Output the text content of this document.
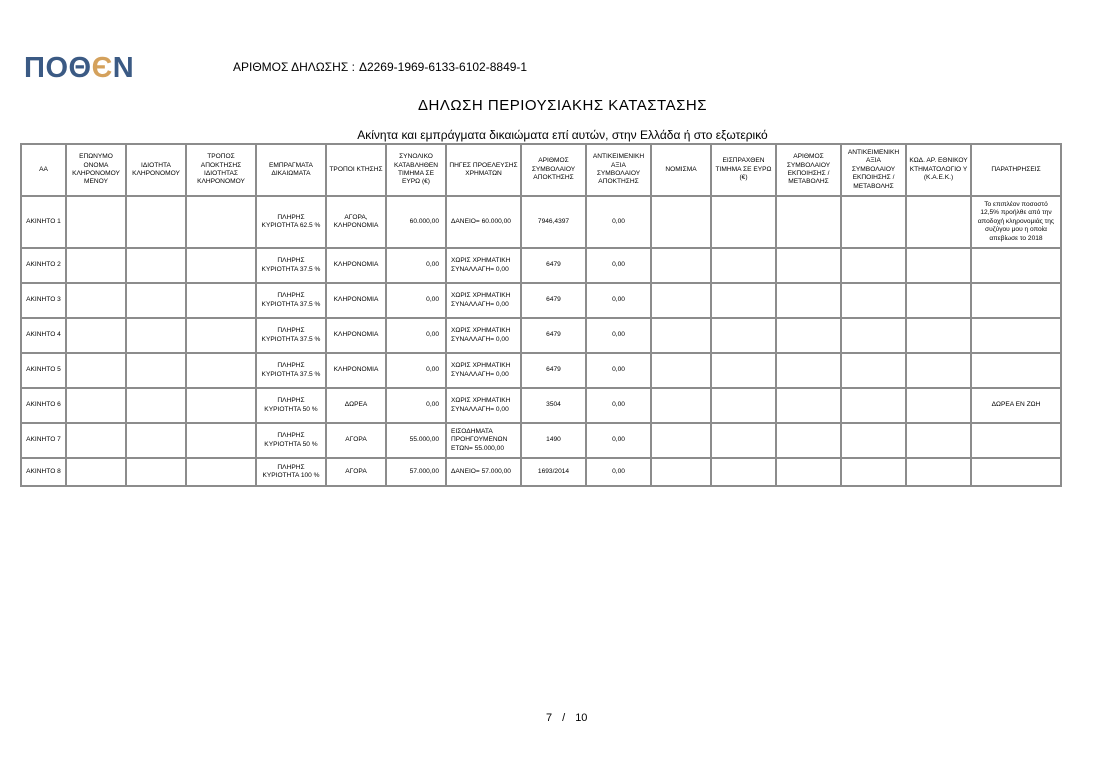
ΠΟΘЄΝ	ΑΡΙΘΜΟΣ ΔΗΛΩΣΗΣ : Δ2269-1969-6133-6102-8849-1
ΔΗΛΩΣΗ ΠΕΡΙΟΥΣΙΑΚΗΣ ΚΑΤΑΣΤΑΣΗΣ
Ακίνητα και εμπράγματα δικαιώματα επί αυτών, στην Ελλάδα ή στο εξωτερικό
ΑΑ	ΕΠΩΝΥΜΟ ΟΝΟΜΑ ΚΛΗΡΟΝΟΜΟΥ ΜΕΝΟΥ	ΙΔΙΟΤΗΤΑ ΚΛΗΡΟΝΟΜΟΥ	ΤΡΟΠΟΣ ΑΠΟΚΤΗΣΗΣ ΙΔΙΟΤΗΤΑΣ ΚΛΗΡΟΝΟΜΟΥ	ΕΜΠΡΑΓΜΑΤΑ ΔΙΚΑΙΩΜΑΤΑ	ΤΡΟΠΟΙ ΚΤΗΣΗΣ	ΣΥΝΟΛΙΚΟ ΚΑΤΑΒΛΗΘΕΝ ΤΙΜΗΜΑ ΣΕ ΕΥΡΩ (€)	ΠΗΓΕΣ ΠΡΟΕΛΕΥΣΗΣ ΧΡΗΜΑΤΩΝ	ΑΡΙΘΜΟΣ ΣΥΜΒΟΛΑΙΟΥ ΑΠΟΚΤΗΣΗΣ	ΑΝΤΙΚΕΙΜΕΝΙΚΗ ΑΞΙΑ ΣΥΜΒΟΛΑΙΟΥ ΑΠΟΚΤΗΣΗΣ	ΝΟΜΙΣΜΑ	ΕΙΣΠΡΑΧΘΕΝ ΤΙΜΗΜΑ ΣΕ ΕΥΡΩ (€)	ΑΡΙΘΜΟΣ ΣΥΜΒΟΛΑΙΟΥ ΕΚΠΟΙΗΣΗΣ /ΜΕΤΑΒΟΛΗΣ	ΑΝΤΙΚΕΙΜΕΝΙΚΗ ΑΞΙΑ ΣΥΜΒΟΛΑΙΟΥ ΕΚΠΟΙΗΣΗΣ / ΜΕΤΑΒΟΛΗΣ	ΚΩΔ. ΑΡ. ΕΘΝΙΚΟΥ ΚΤΗΜΑΤΟΛΟΓΙΟ Υ (Κ.Α.Ε.Κ.)	ΠΑΡΑΤΗΡΗΣΕΙΣ
ΑΚΙΝΗΤΟ 1				ΠΛΗΡΗΣ ΚΥΡΙΟΤΗΤΑ 62.5 %	ΑΓΟΡΑ, ΚΛΗΡΟΝΟΜΙΑ	60.000,00	ΔΑΝΕΙΟ= 60.000,00	7946,4397	0,00						Το επιπλέον ποσοστό 12,5% προήλθε από την αποδοχή κληρονομιάς της συζύγου μου η οποία απεβίωσε το 2018
ΑΚΙΝΗΤΟ 2				ΠΛΗΡΗΣ ΚΥΡΙΟΤΗΤΑ 37.5 %	ΚΛΗΡΟΝΟΜΙΑ	0,00	ΧΩΡΙΣ ΧΡΗΜΑΤΙΚΗ ΣΥΝΑΛΛΑΓΗ= 0,00	6479	0,00						
ΑΚΙΝΗΤΟ 3				ΠΛΗΡΗΣ ΚΥΡΙΟΤΗΤΑ 37.5 %	ΚΛΗΡΟΝΟΜΙΑ	0,00	ΧΩΡΙΣ ΧΡΗΜΑΤΙΚΗ ΣΥΝΑΛΛΑΓΗ= 0,00	6479	0,00						
ΑΚΙΝΗΤΟ 4				ΠΛΗΡΗΣ ΚΥΡΙΟΤΗΤΑ 37.5 %	ΚΛΗΡΟΝΟΜΙΑ	0,00	ΧΩΡΙΣ ΧΡΗΜΑΤΙΚΗ ΣΥΝΑΛΛΑΓΗ= 0,00	6479	0,00						
ΑΚΙΝΗΤΟ 5				ΠΛΗΡΗΣ ΚΥΡΙΟΤΗΤΑ 37.5 %	ΚΛΗΡΟΝΟΜΙΑ	0,00	ΧΩΡΙΣ ΧΡΗΜΑΤΙΚΗ ΣΥΝΑΛΛΑΓΗ= 0,00	6479	0,00						
ΑΚΙΝΗΤΟ 6				ΠΛΗΡΗΣ ΚΥΡΙΟΤΗΤΑ 50 %	ΔΩΡΕΑ	0,00	ΧΩΡΙΣ ΧΡΗΜΑΤΙΚΗ ΣΥΝΑΛΛΑΓΗ= 0,00	3504	0,00						ΔΩΡΕΑ ΕΝ ΖΩΗ
ΑΚΙΝΗΤΟ 7				ΠΛΗΡΗΣ ΚΥΡΙΟΤΗΤΑ 50 %	ΑΓΟΡΑ	55.000,00	ΕΙΣΟΔΗΜΑΤΑ ΠΡΟΗΓΟΥΜΕΝΩΝ ΕΤΩΝ= 55.000,00	1490	0,00						
ΑΚΙΝΗΤΟ 8				ΠΛΗΡΗΣ ΚΥΡΙΟΤΗΤΑ 100 %	ΑΓΟΡΑ	57.000,00	ΔΑΝΕΙΟ= 57.000,00	1693/2014	0,00						
7 / 10
